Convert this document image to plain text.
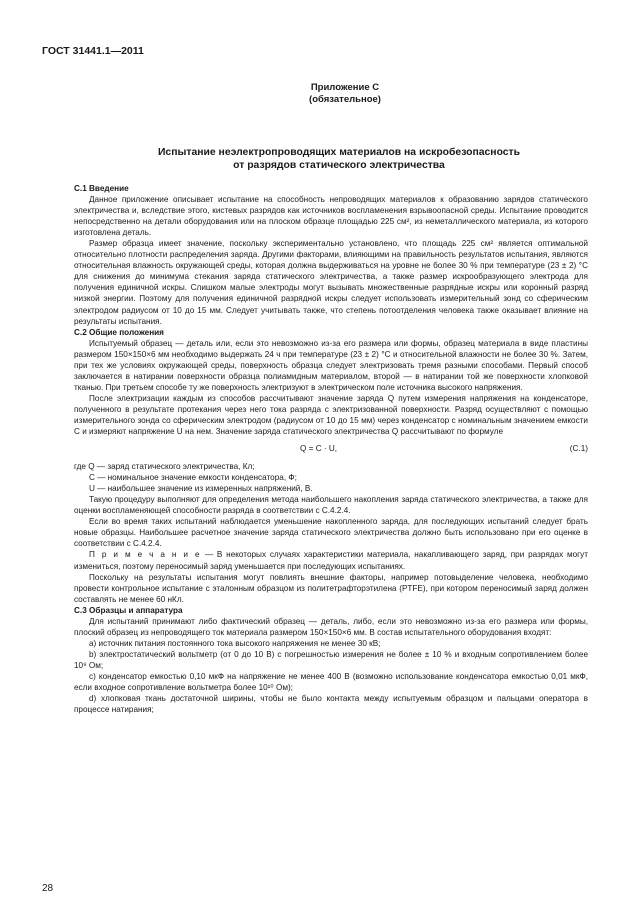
ГОСТ 31441.1—2011
Приложение С
(обязательное)
Испытание неэлектропроводящих материалов на искробезопасность
от разрядов статического электричества

С.1 Введение

Данное приложение описывает испытание на способность непроводящих материалов к образованию зарядов статического электричества и, вследствие этого, кистевых разрядов как источников воспламенения взрывоопасной среды. Испытание проводится непосредственно на детали оборудования или на плоском образце площадью 225 см², из неметаллического материала, из которого изготовлена деталь.

Размер образца имеет значение, поскольку экспериментально установлено, что площадь 225 см² является оптимальной относительно плотности распределения заряда. Другими факторами, влияющими на правильность результатов испытания, являются относительная влажность окружающей среды, которая должна выдерживаться на уровне не более 30 % при температуре (23 ± 2) °С для снижения до минимума стекания заряда статического электричества, а также размер искрообразующего электрода для получения единичной искры. Слишком малые электроды могут вызывать множественные разрядные искры или коронный разряд низкой энергии. Поэтому для получения единичной разрядной искры следует использовать измерительный зонд со сферическим электродом радиусом от 10 до 15 мм. Следует учитывать также, что степень потоотделения человека также оказывает влияние на результаты испытания.

С.2 Общие положения

Испытуемый образец — деталь или, если это невозможно из-за его размера или формы, образец материала в виде пластины размером 150×150×6 мм необходимо выдержать 24 ч при температуре (23 ± 2) °С и относительной влажности не более 30 %. Затем, при тех же условиях окружающей среды, поверхность образца следует электризовать тремя разными способами. Первый способ заключается в натирании поверхности образца полиамидным материалом, второй — в натирании той же поверхности хлопковой тканью. При третьем способе ту же поверхность электризуют в электрическом поле источника высокого напряжения.

После электризации каждым из способов рассчитывают значение заряда Q путем измерения напряжения на конденсаторе, полученного в результате протекания через него тока разряда с электризованной поверхности. Разряд осуществляют с помощью измерительного зонда со сферическим электродом (радиусом от 10 до 15 мм) через конденсатор с номинальным значением емкости С и измеряют напряжение U на нем. Значение заряда статического электричества Q рассчитывают по формуле

Q = C · U,	(С.1)

где Q — заряд статического электричества, Кл;

С — номинальное значение емкости конденсатора, Ф;

U — наибольшее значение из измеренных напряжений, В.

Такую процедуру выполняют для определения метода наибольшего накопления заряда статического электричества, а также для оценки воспламеняющей способности разряда в соответствии с С.4.2.4.

Если во время таких испытаний наблюдается уменьшение накопленного заряда, для последующих испытаний следует брать новые образцы. Наибольшее расчетное значение заряда статического электричества должно быть использовано при его оценке в соответствии с С.4.2.4.

П р и м е ч а н и е — В некоторых случаях характеристики материала, накапливающего заряд, при разрядах могут измениться, поэтому переносимый заряд уменьшается при последующих испытаниях.

Поскольку на результаты испытания могут повлиять внешние факторы, например потовыделение человека, необходимо провести контрольное испытание с эталонным образцом из политетрафторэтилена (PTFE), при котором переносимый заряд должен составлять не менее 60 нКл.

С.3 Образцы и аппаратура

Для испытаний принимают либо фактический образец — деталь, либо, если это невозможно из-за его размера или формы, плоский образец из непроводящего ток материала размером 150×150×6 мм. В состав испытательного оборудования входят:

а) источник питания постоянного тока высокого напряжения не менее 30 кВ;

b) электростатический вольтметр (от 0 до 10 В) с погрешностью измерения не более ± 10 % и входным сопротивлением более 10⁹ Ом;

с) конденсатор емкостью 0,10 мкФ на напряжение не менее 400 В (возможно использование конденсатора емкостью 0,01 мкФ, если входное сопротивление вольтметра более 10¹⁰ Ом);

d) хлопковая ткань достаточной ширины, чтобы не было контакта между испытуемым образцом и пальцами оператора в процессе натирания;

28
